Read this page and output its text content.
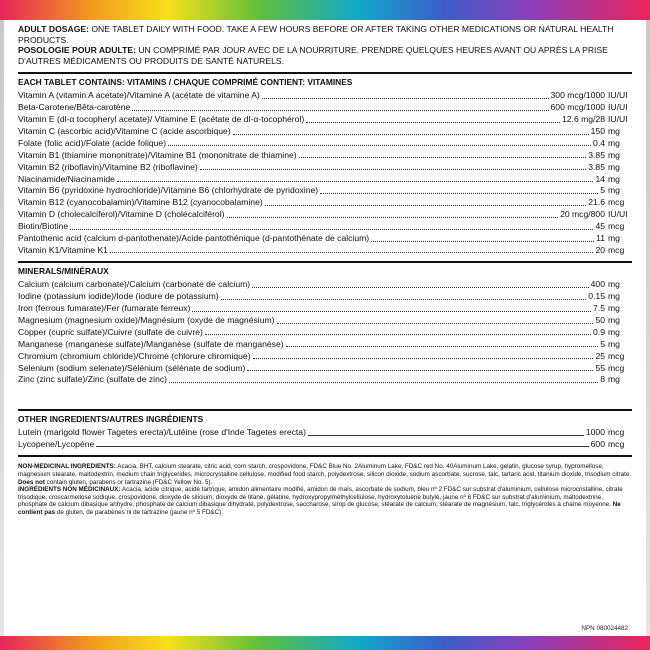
ADULT DOSAGE: ONE TABLET DAILY WITH FOOD. TAKE A FEW HOURS BEFORE OR AFTER TAKING OTHER MEDICATIONS OR NATURAL HEALTH PRODUCTS.

POSOLOGIE POUR ADULTE: UN COMPRIMÉ PAR JOUR AVEC DE LA NOURRITURE. PRENDRE QUELQUES HEURES AVANT OU APRÈS LA PRISE D'AUTRES MÉDICAMENTS OU PRODUITS DE SANTÉ NATURELS.

EACH TABLET CONTAINS: VITAMINS / CHAQUE COMPRIMÉ CONTIENT: VITAMINES
Vitamin A (vitamin A acetate)/Vitamine A (acétate de vitamine A)	300 mcg/1000 IU/UI
Beta-Carotene/Bêta-carotène	600 mcg/1000 IU/UI
Vitamin E (dl-α tocopheryl acetate)/ Vitamine E (acétate de dl-α-tocophérol)	12.6 mg/28 IU/UI
Vitamin C (ascorbic acid)/Vitamine C (acide ascorbique)	150 mg
Folate (folic acid)/Folate (acide folique)	0.4 mg
Vitamin B1 (thiamine mononitrate)/Vitamine B1 (mononitrate de thiamine)	3.85 mg
Vitamin B2 (riboflavin)/Vitamine B2 (riboflavine)	3.85 mg
Niacinamide/Niacinamide	14 mg
Vitamin B6 (pyridoxine hydrochloride)/Vitamine B6 (chlorhydrate de pyridoxine)	5 mg
Vitamin B12 (cyanocobalamin)/Vitamine B12 (cyanocobalamine)	21.6 mcg
Vitamin D (cholecalciferol)/Vitamine D (cholécalciférol)	20 mcg/800 IU/UI
Biotin/Biotine	45 mcg
Pantothenic acid (calcium d-pantothenate)/Acide pantothénique (d-pantothénate de calcium)	11 mg
Vitamin K1/Vitamine K1	20 mcg
MINERALS/MINÉRAUX
Calcium (calcium carbonate)/Calcium (carbonate de calcium)	400 mg
Iodine (potassium iodide)/Iode (iodure de potassium)	0.15 mg
Iron (ferrous fumarate)/Fer (fumarate ferreux)	7.5 mg
Magnesium (magnesium oxide)/Magnésium (oxyde de magnésium)	50 mg
Copper (cupric sulfate)/Cuivre (sulfate de cuivre)	0.9 mg
Manganese (manganese sulfate)/Manganèse (sulfate de manganèse)	5 mg
Chromium (chromium chloride)/Chrome (chlorure chromique)	25 mcg
Selenium (sodium selenate)/Sélénium (sélénate de sodium)	55 mcg
Zinc (zinc sulfate)/Zinc (sulfate de zinc)	8 mg
OTHER INGREDIENTS/AUTRES INGRÉDIENTS
Lutein (marigold flower Tagetes erecta)/Lutéine (rose d'Inde Tagetes erecta)	1000 mcg
Lycopene/Lycopène	600 mcg

NON-MEDICINAL INGREDIENTS: Acacia, BHT, calcium stearate, citric acid, corn starch, crospovidone, FD&C Blue No. 2Aluminum Lake, FD&C red No. 40Aluminum Lake, gelatin, glucose syrup, hypromellose, magnesium stearate, maltodextrin, medium chain triglycerides, microcrystalline cellulose, modified food starch, polydextrose, silicon dioxide, sodium ascorbate, sucrose, talc, tartaric acid, titanium dioxide, trisodium citrate.

Does not contain gluten, parabens or tartrazine (FD&C Yellow No. 5).

INGRÉDIENTS NON MÉDICINAUX: Acacia, acide citrique, acide tartrique, amidon alimentaire modifié, amidon de maïs, ascorbate de sodium, bleu nº 2 FD&C sur substrat d'aluminium, cellulose microcristalline, citrate trisodique, croscarmellose sodique, crospovidone, dioxyde de silicium, dioxyde de titane, gélatine, hydroxypropylméthylcellulose, hydroxytoluène butylé, jaune nº 6 FD&C sur substrat d'aluminium, maltodextrine, phosphate de calcium dibasique anhydre, phosphate de calcium dibasique dihydraté, polydextrose, saccharose, sirop de glucose, stéarate de calcium, stéarate de magnésium, talc, triglycérides à chaîne moyenne. Ne contient pas de gluten, de parabènes ni de tartrazine (jaune nº 5 FD&C).

NPN 080024482
